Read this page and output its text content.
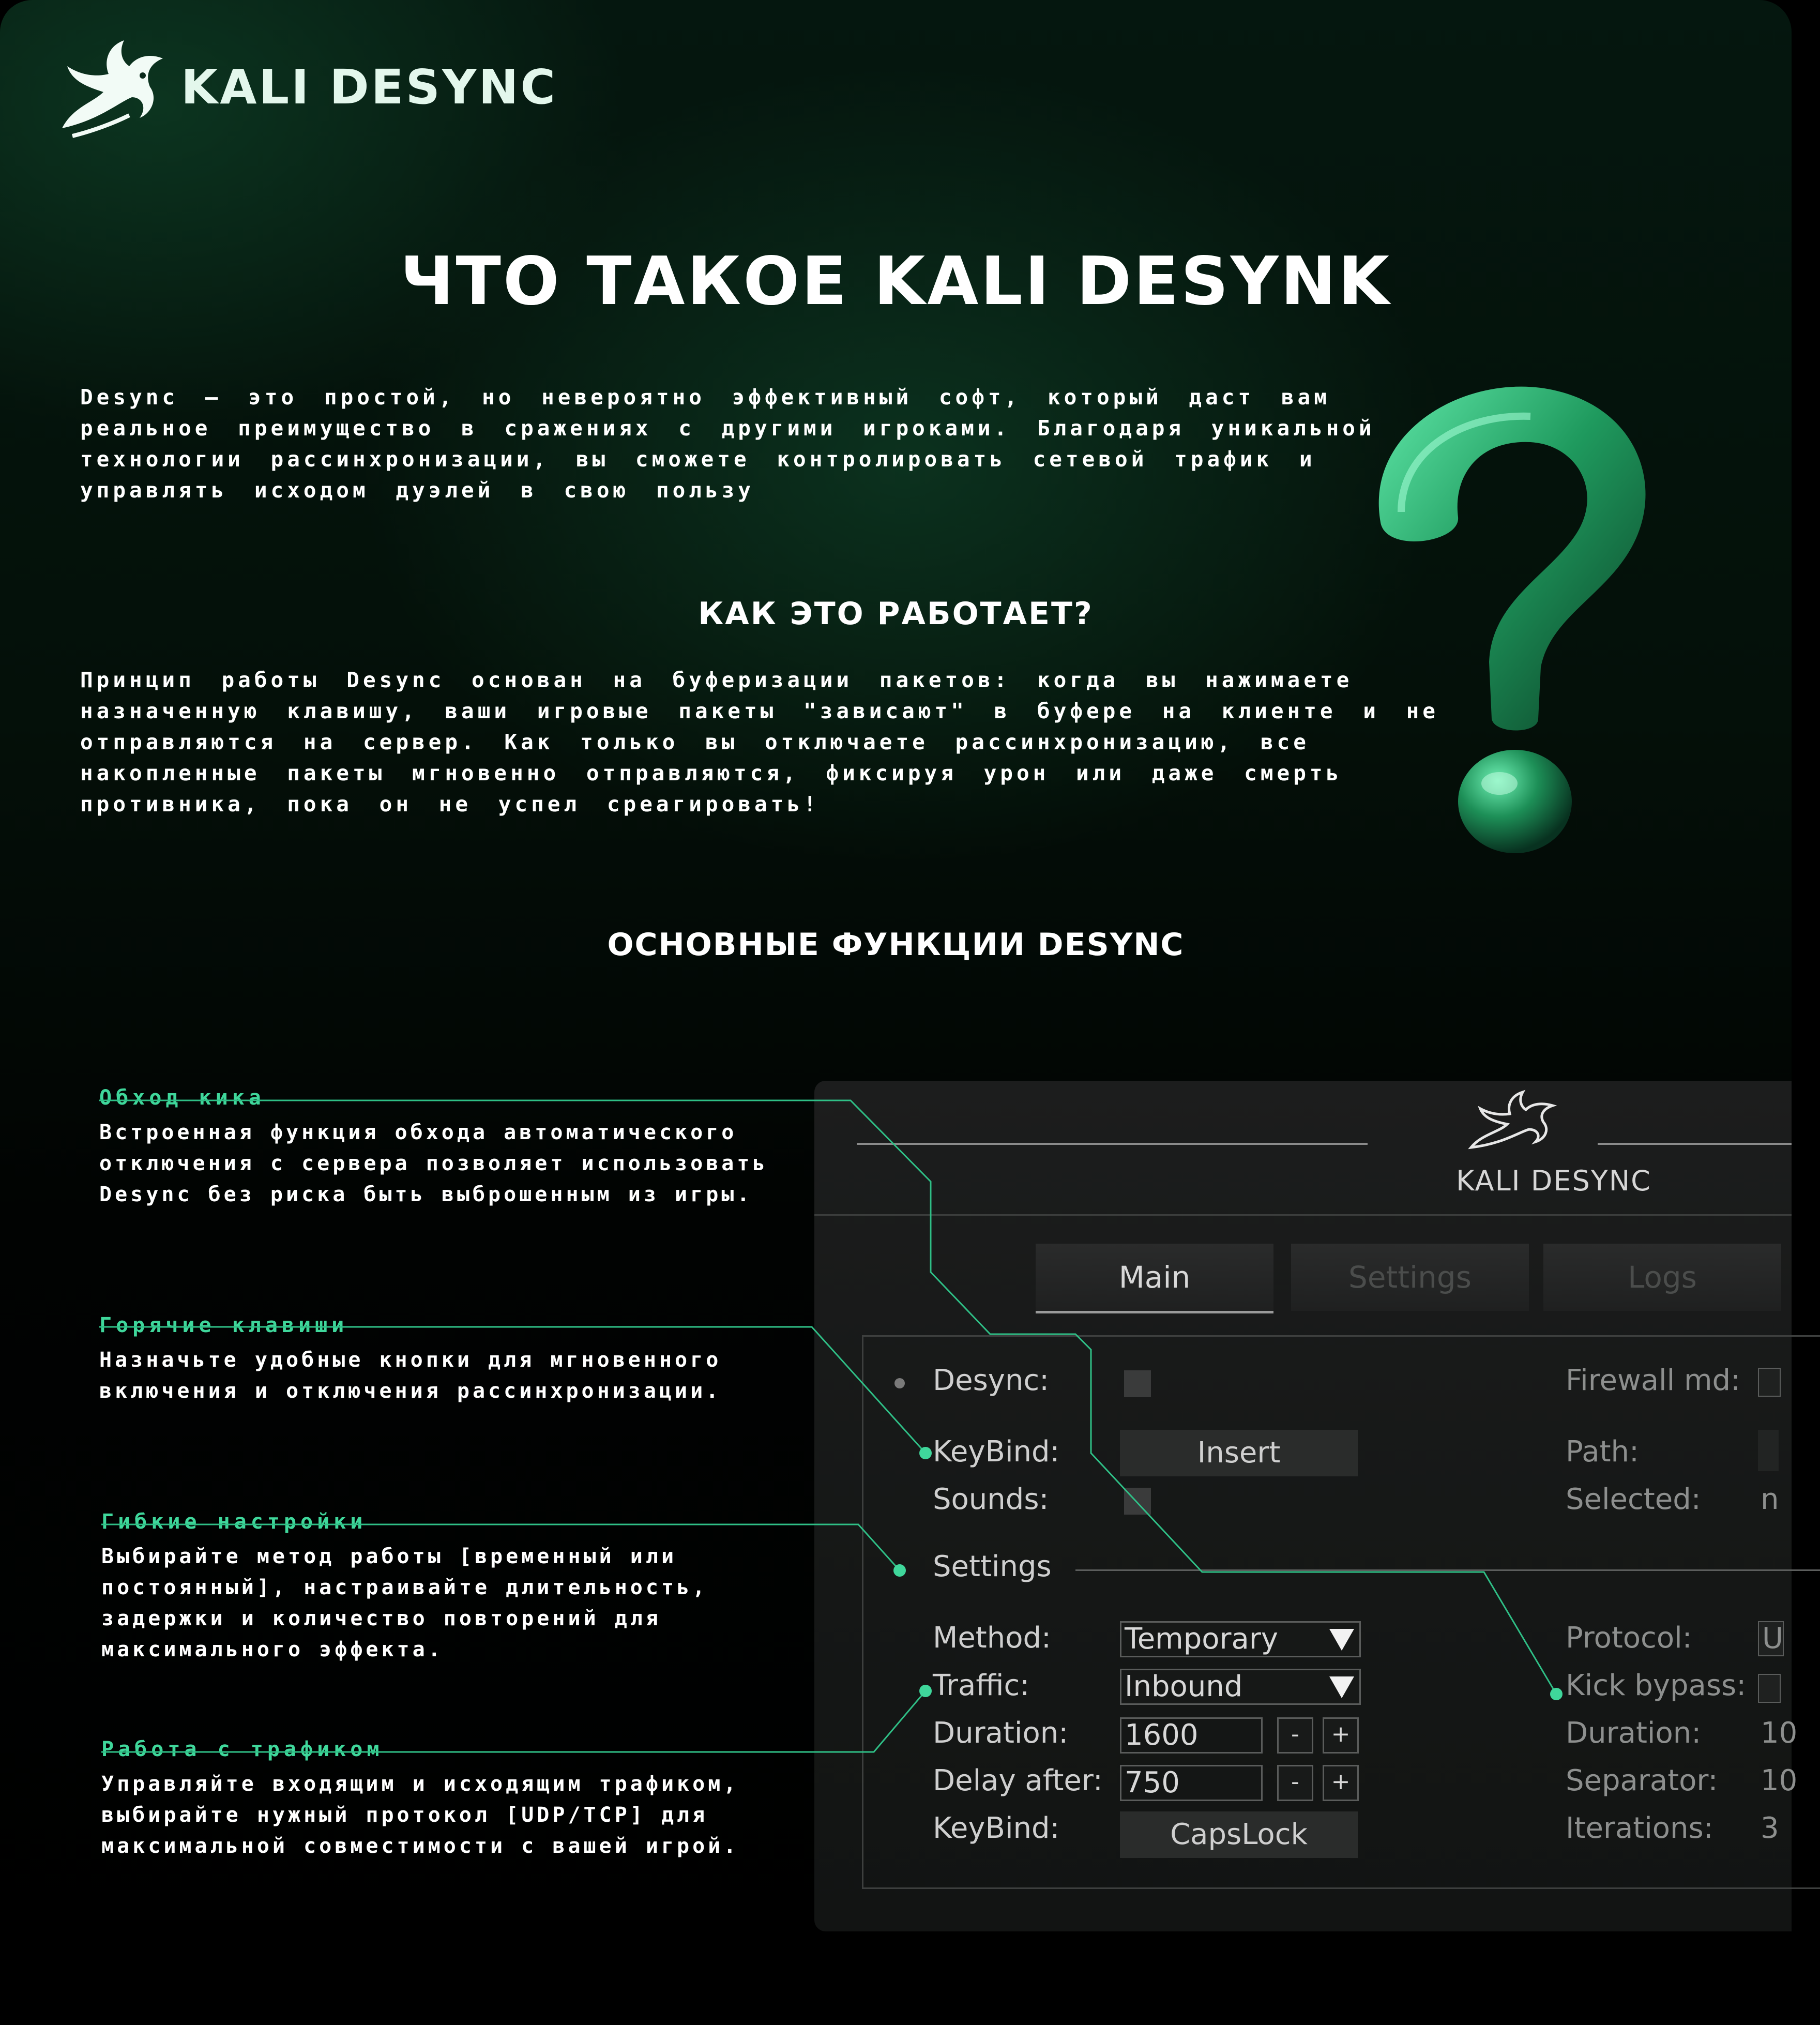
KALI DESYNC
ЧТО ТАКОЕ KALI DESYNK

Desync — это простой, но невероятно эффективный софт, который даст вам реальное преимущество в сражениях с другими игроками. Благодаря уникальной технологии рассинхронизации, вы сможете контролировать сетевой трафик и управлять исходом дуэлей в свою пользу

КАК ЭТО РАБОТАЕТ?

Принцип работы Desync основан на буферизации пакетов: когда вы нажимаете назначенную клавишу, ваши игровые пакеты "зависают" в буфере на клиенте и не отправляются на сервер. Как только вы отключаете рассинхронизацию, все накопленные пакеты мгновенно отправляются, фиксируя урон или даже смерть противника, пока он не успел среагировать!

ОСНОВНЫЕ ФУНКЦИИ DESYNC
Обход кика

Встроенная функция обхода автоматического отключения с сервера позволяет использовать Desync без риска быть выброшенным из игры.

Горячие клавиши

Назначьте удобные кнопки для мгновенного включения и отключения рассинхронизации.

Гибкие настройки

Выбирайте метод работы [временный или постоянный], настраивайте длительность, задержки и количество повторений для максимального эффекта.

Работа с трафиком

Управляйте входящим и исходящим трафиком, выбирайте нужный протокол [UDP/TCP] для максимальной совместимости с вашей игрой.

KALI DESYNC
Main	Settings	Logs
Desync:
KeyBind:	Insert
Sounds:
Settings
Method:	Temporary
Traffic:	Inbound
Duration: 1600	-	+
Delay after: 750	-	+
KeyBind:	CapsLock
Firewall md:
Path:
Selected: n
Protocol: U
Kick bypass:
Duration: 10
Separator: 10
Iterations: 3
